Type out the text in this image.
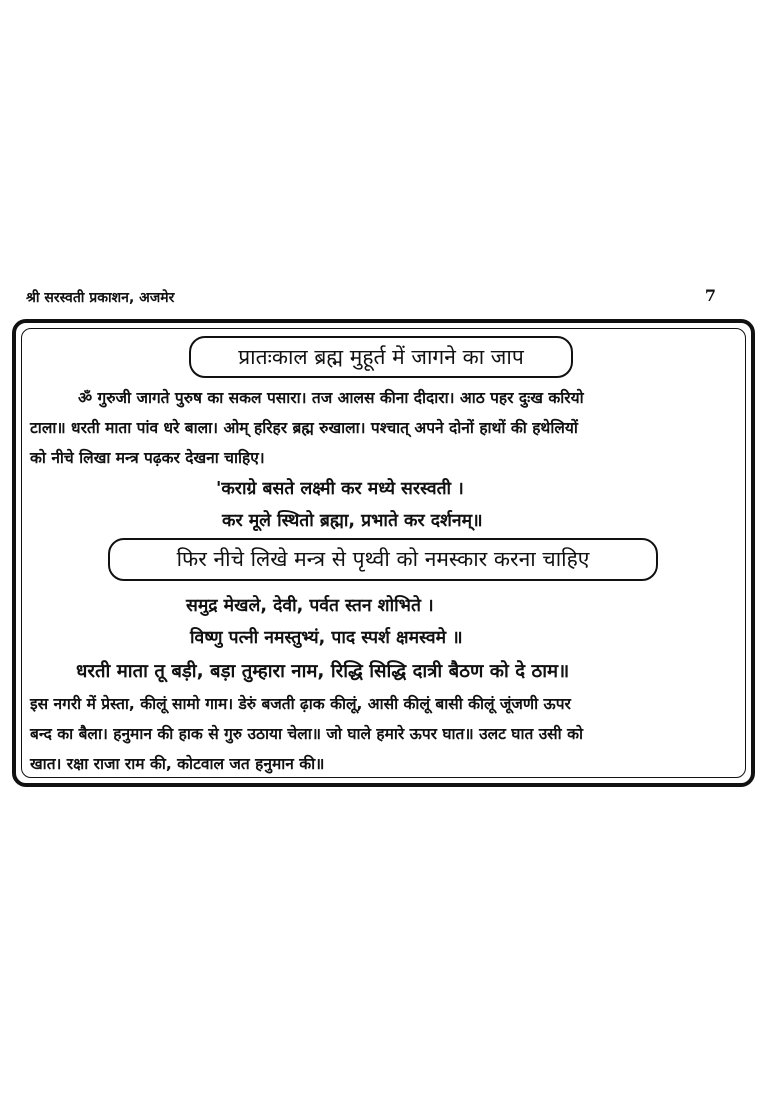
श्री सरस्वती प्रकाशन, अजमेर	7
प्रातःकाल ब्रह्म मुहूर्त में जागने का जाप
ॐ गुरुजी जागते पुरुष का सकल पसारा। तज आलस कीना दीदारा। आठ पहर दुःख करियो
टाला॥ धरती माता पांव धरे बाला। ओम् हरिहर ब्रह्म रुखाला। पश्चात् अपने दोनों हाथों की हथेलियों
को नीचे लिखा मन्त्र पढ़कर देखना चाहिए।
'कराग्रे बसते लक्ष्मी कर मध्ये सरस्वती ।
कर मूले स्थितो ब्रह्मा, प्रभाते कर दर्शनम्॥
फिर नीचे लिखे मन्त्र से पृथ्वी को नमस्कार करना चाहिए
समुद्र मेखले, देवी, पर्वत स्तन शोभिते ।
विष्णु पत्नी नमस्तुभ्यं, पाद स्पर्श क्षमस्वमे ॥
धरती माता तू बड़ी, बड़ा तुम्हारा नाम, रिद्धि सिद्धि दात्री बैठण को दे ठाम॥
इस नगरी में प्रेस्ता, कीलूं सामो गाम। डेरुं बजती ढ़ाक कीलूं, आसी कीलूं बासी कीलूं जूंजणी ऊपर
बन्द का बैला। हनुमान की हाक से गुरु उठाया चेला॥ जो घाले हमारे ऊपर घात॥ उलट घात उसी को
खात। रक्षा राजा राम की, कोटवाल जत हनुमान की॥
